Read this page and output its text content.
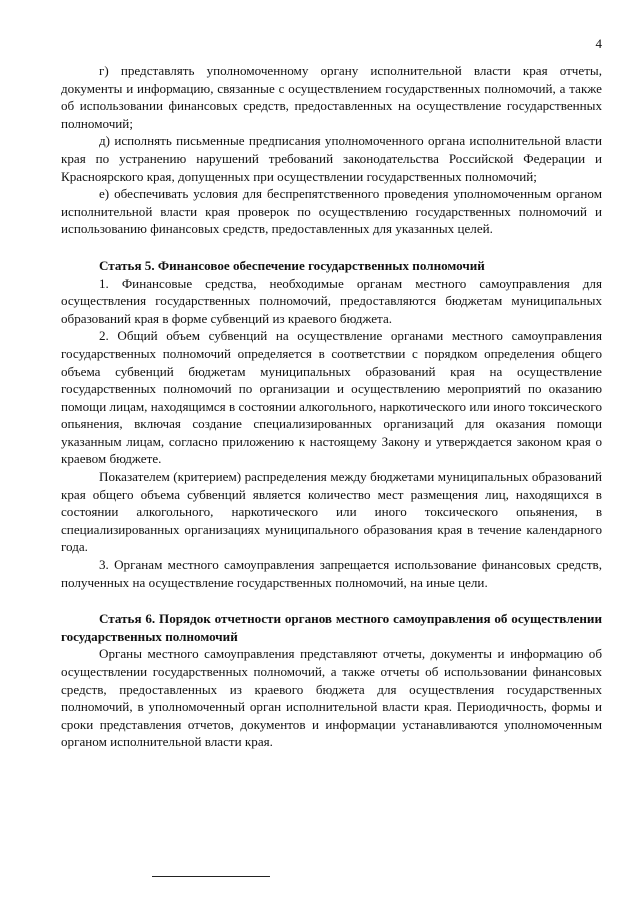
4

г) представлять уполномоченному органу исполнительной власти края отчеты, документы и информацию, связанные с осуществлением государственных полномочий, а также об использовании финансовых средств, предоставленных на осуществление государственных полномочий;

д) исполнять письменные предписания уполномоченного органа исполнительной власти края по устранению нарушений требований законодательства Российской Федерации и Красноярского края, допущенных при осуществлении государственных полномочий;

е) обеспечивать условия для беспрепятственного проведения уполномоченным органом исполнительной власти края проверок по осуществлению государственных полномочий и использованию финансовых средств, предоставленных для указанных целей.

Статья 5. Финансовое обеспечение государственных полномочий

1. Финансовые средства, необходимые органам местного самоуправления для осуществления государственных полномочий, предоставляются бюджетам муниципальных образований края в форме субвенций из краевого бюджета.

2. Общий объем субвенций на осуществление органами местного самоуправления государственных полномочий определяется в соответствии с порядком определения общего объема субвенций бюджетам муниципальных образований края на осуществление государственных полномочий по организации и осуществлению мероприятий по оказанию помощи лицам, находящимся в состоянии алкогольного, наркотического или иного токсического опьянения, включая создание специализированных организаций для оказания помощи указанным лицам, согласно приложению к настоящему Закону и утверждается законом края о краевом бюджете.

Показателем (критерием) распределения между бюджетами муниципальных образований края общего объема субвенций является количество мест размещения лиц, находящихся в состоянии алкогольного, наркотического или иного токсического опьянения, в специализированных организациях муниципального образования края в течение календарного года.

3. Органам местного самоуправления запрещается использование финансовых средств, полученных на осуществление государственных полномочий, на иные цели.

Статья 6. Порядок отчетности органов местного самоуправления об осуществлении государственных полномочий

Органы местного самоуправления представляют отчеты, документы и информацию об осуществлении государственных полномочий, а также отчеты об использовании финансовых средств, предоставленных из краевого бюджета для осуществления государственных полномочий, в уполномоченный орган исполнительной власти края. Периодичность, формы и сроки представления отчетов, документов и информации устанавливаются уполномоченным органом исполнительной власти края.
